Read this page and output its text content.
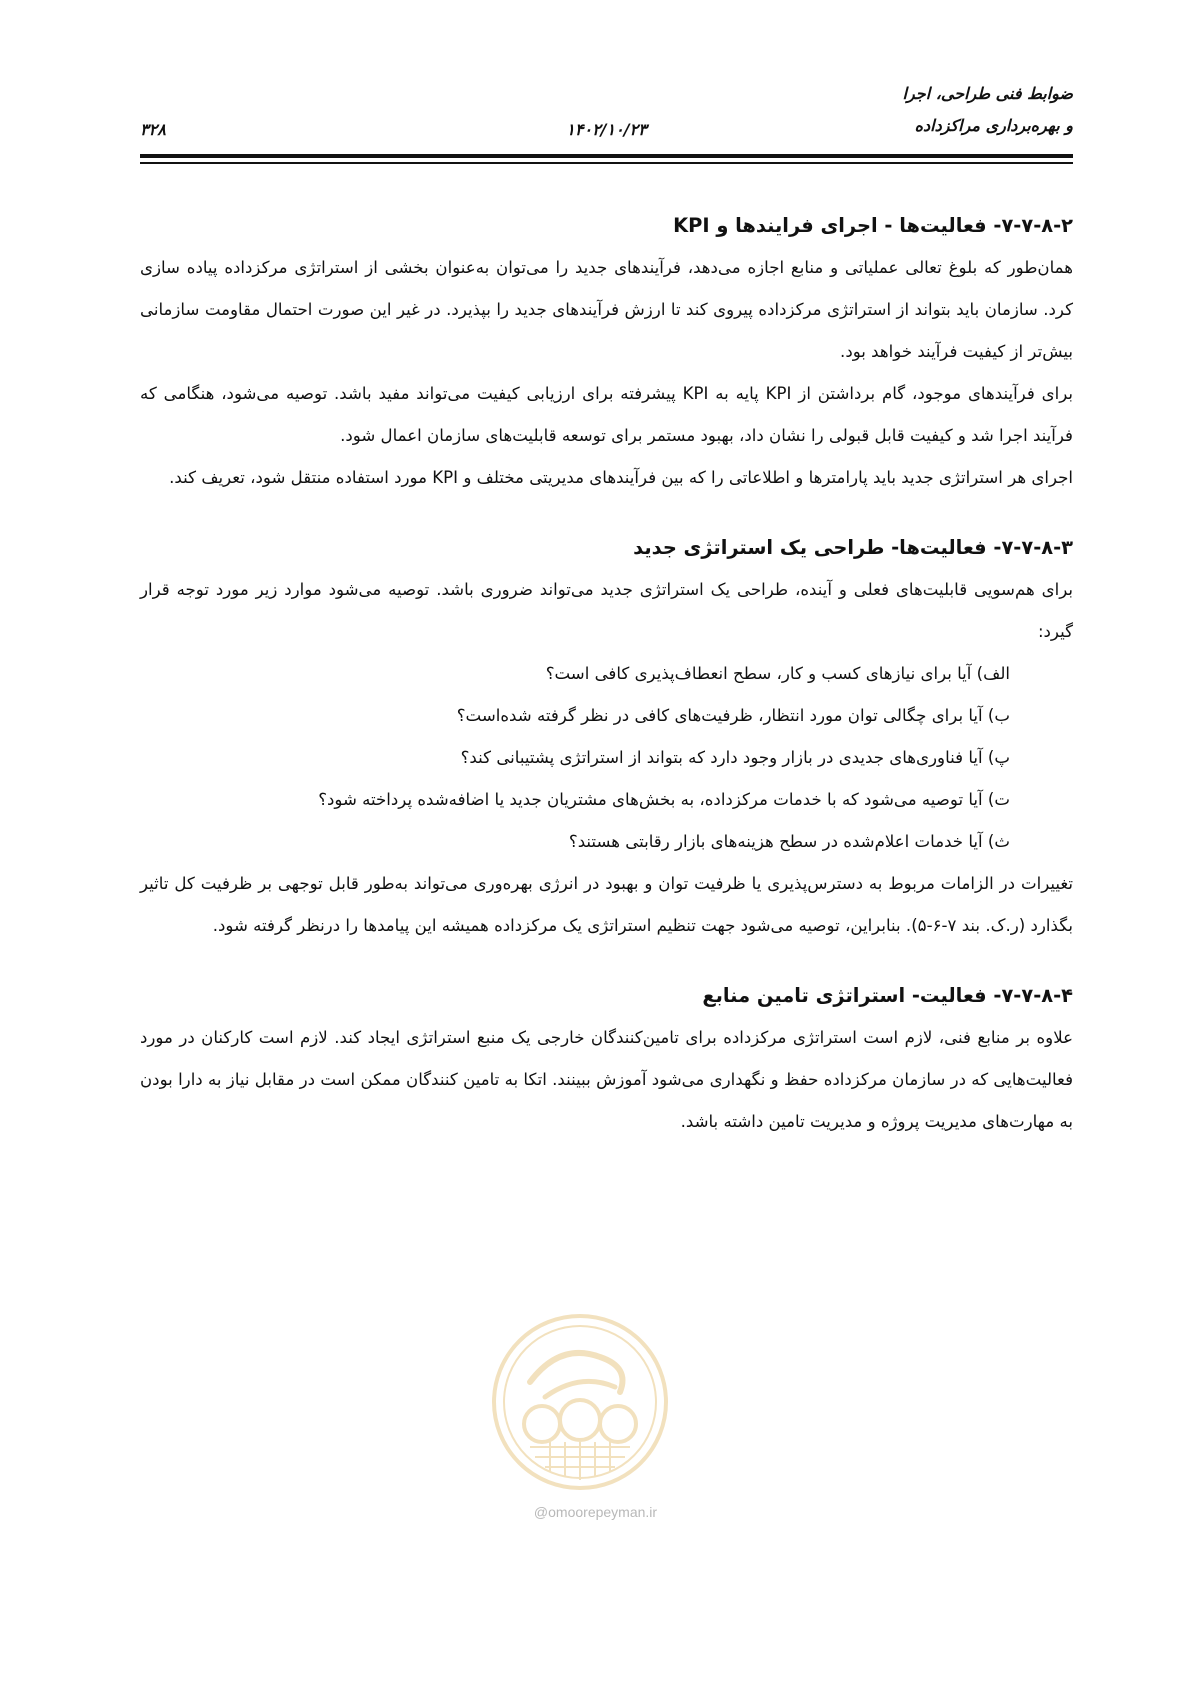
ضوابط فنی طراحی، اجرا
و بهره‌برداری مراکزداده
۱۴۰۲/۱۰/۲۳
۳۲۸
۷-۷-۸-۲- فعالیت‌ها - اجرای فرایندها و KPI

همان‌طور که بلوغ تعالی عملیاتی و منابع اجازه می‌دهد، فرآیندهای جدید را می‌توان به‌عنوان بخشی از استراتژی مرکزداده پیاده سازی کرد. سازمان باید بتواند از استراتژی مرکزداده پیروی کند تا ارزش فرآیندهای جدید را بپذیرد. در غیر این صورت احتمال مقاومت سازمانی بیش‌تر از کیفیت فرآیند خواهد بود.

برای فرآیندهای موجود، گام برداشتن از KPI پایه به KPI پیشرفته برای ارزیابی کیفیت می‌تواند مفید باشد. توصیه می‌شود، هنگامی که فرآیند اجرا شد و کیفیت قابل قبولی را نشان داد، بهبود مستمر برای توسعه قابلیت‌های سازمان اعمال شود.

اجرای هر استراتژی جدید باید پارامترها و اطلاعاتی را که بین فرآیندهای مدیریتی مختلف و KPI مورد استفاده منتقل شود، تعریف کند.

۷-۷-۸-۳- فعالیت‌ها- طراحی یک استراتژی جدید

برای هم‌سویی قابلیت‌های فعلی و آینده، طراحی یک استراتژی جدید می‌تواند ضروری باشد. توصیه می‌شود موارد زیر مورد توجه قرار گیرد:

الف) آیا برای نیازهای کسب و کار، سطح انعطاف‌پذیری کافی است؟
ب) آیا برای چگالی توان مورد انتظار، ظرفیت‌های کافی در نظر گرفته شده‌است؟
پ) آیا فناوری‌های جدیدی در بازار وجود دارد که بتواند از استراتژی پشتیبانی کند؟
ت) آیا توصیه می‌شود که با خدمات مرکزداده، به بخش‌های مشتریان جدید یا اضافه‌شده پرداخته شود؟
ث) آیا خدمات اعلام‌شده در سطح هزینه‌های بازار رقابتی هستند؟

تغییرات در الزامات مربوط به دسترس‌پذیری یا ظرفیت توان و بهبود در انرژی بهره‌وری می‌تواند به‌طور قابل توجهی بر ظرفیت کل تاثیر بگذارد (ر.ک. بند ۷-۶-۵). بنابراین، توصیه می‌شود جهت تنظیم استراتژی یک مرکزداده همیشه این پیامدها را درنظر گرفته شود.

۷-۷-۸-۴- فعالیت- استراتژی تامین منابع

علاوه بر منابع فنی، لازم است استراتژی مرکزداده برای تامین‌کنندگان خارجی یک منبع استراتژی ایجاد کند. لازم است کارکنان در مورد فعالیت‌هایی که در سازمان مرکزداده حفظ و نگهداری می‌شود آموزش ببینند. اتکا به تامین کنندگان ممکن است در مقابل نیاز به دارا بودن به مهارت‌های مدیریت پروژه و مدیریت تامین داشته باشد.

@omoorepeyman.ir
